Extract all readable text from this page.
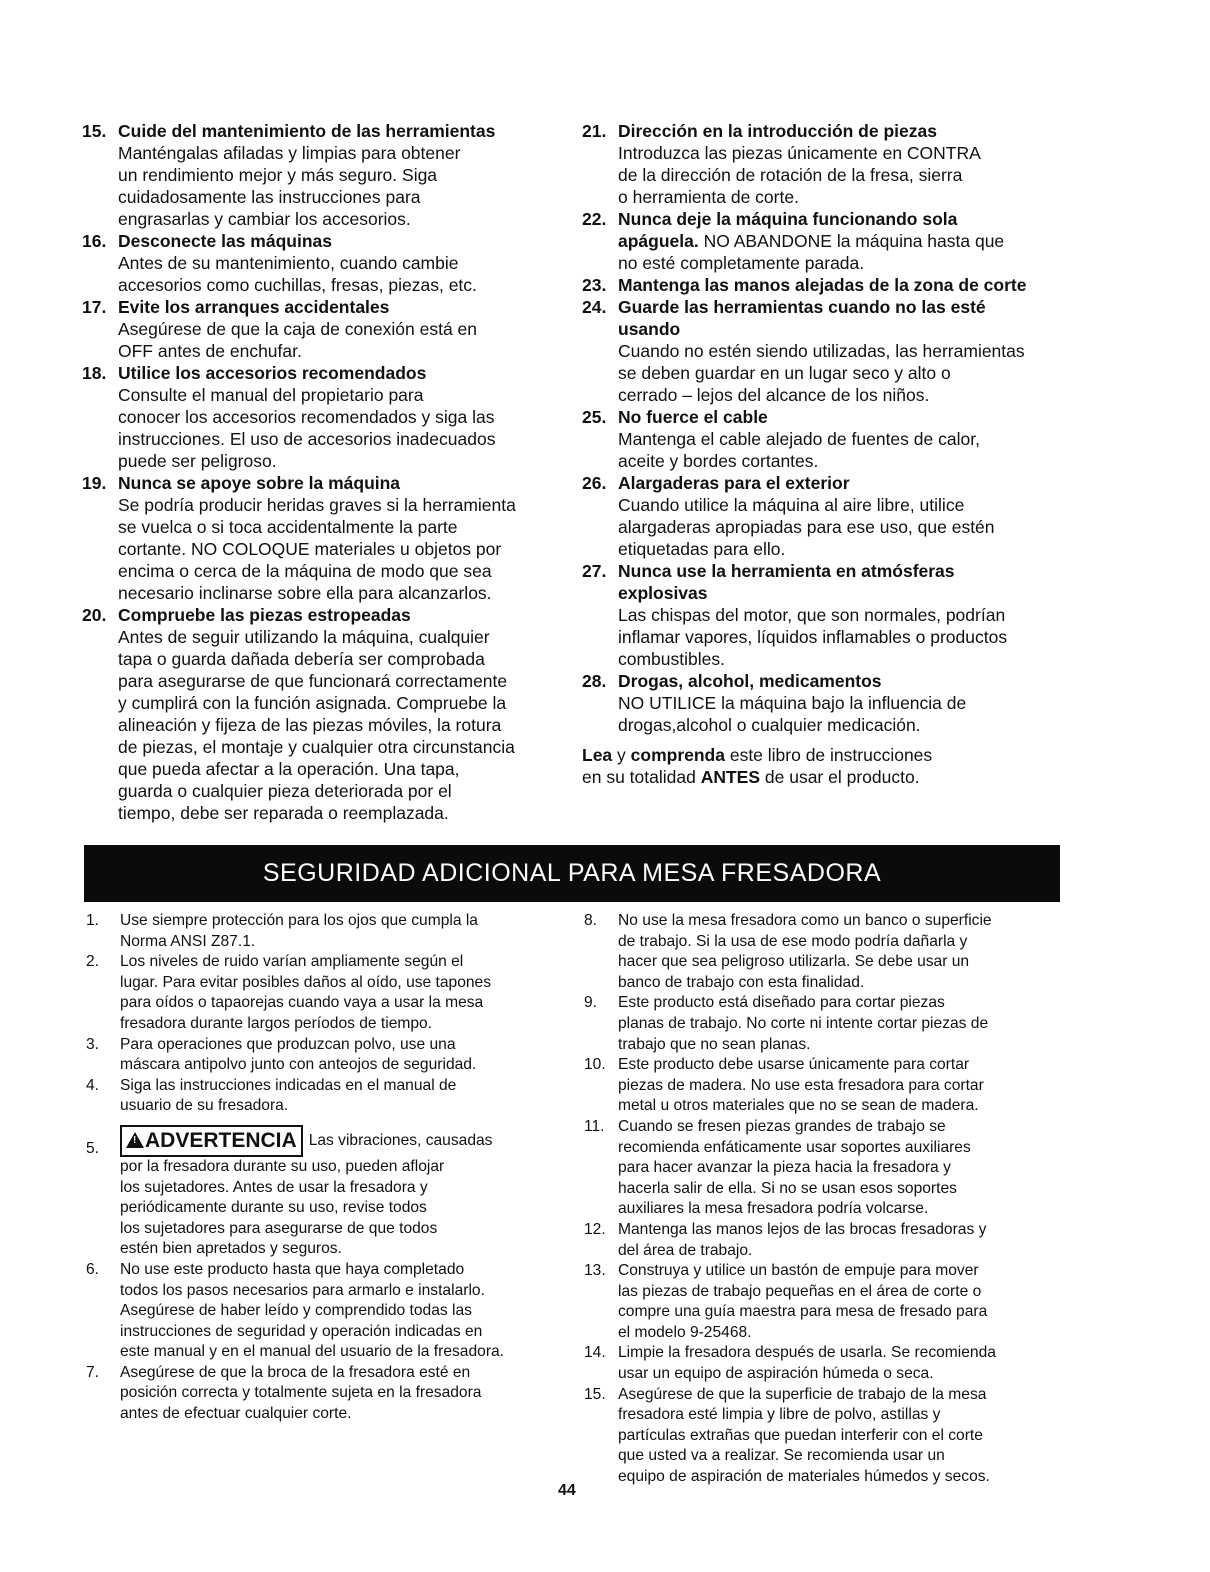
15. Cuide del mantenimiento de las herramientas

Manténgalas afiladas y limpias para obtener

un rendimiento mejor y más seguro. Siga

cuidadosamente las instrucciones para

engrasarlas y cambiar los accesorios.

16. Desconecte las máquinas

Antes de su mantenimiento, cuando cambie

accesorios como cuchillas, fresas, piezas, etc.

17. Evite los arranques accidentales

Asegúrese de que la caja de conexión está en

OFF antes de enchufar.

18. Utilice los accesorios recomendados

Consulte el manual del propietario para

conocer los accesorios recomendados y siga las

instrucciones. El uso de accesorios inadecuados

puede ser peligroso.

19. Nunca se apoye sobre la máquina

Se podría producir heridas graves si la herramienta

se vuelca o si toca accidentalmente la parte

cortante. NO COLOQUE materiales u objetos por

encima o cerca de la máquina de modo que sea

necesario inclinarse sobre ella para alcanzarlos.

20. Compruebe las piezas estropeadas

Antes de seguir utilizando la máquina, cualquier

tapa o guarda dañada debería ser comprobada

para asegurarse de que funcionará correctamente

y cumplirá con la función asignada. Compruebe la

alineación y fijeza de las piezas móviles, la rotura

de piezas, el montaje y cualquier otra circunstancia

que pueda afectar a la operación. Una tapa,

guarda o cualquier pieza deteriorada por el

tiempo, debe ser reparada o reemplazada.

21. Dirección en la introducción de piezas

Introduzca las piezas únicamente en CONTRA

de la dirección de rotación de la fresa, sierra

o herramienta de corte.

22. Nunca deje la máquina funcionando sola

apáguela. NO ABANDONE la máquina hasta que

no esté completamente parada.

23. Mantenga las manos alejadas de la zona de corte

24. Guarde las herramientas cuando no las esté

usando

Cuando no estén siendo utilizadas, las herramientas

se deben guardar en un lugar seco y alto o

cerrado – lejos del alcance de los niños.

25. No fuerce el cable

Mantenga el cable alejado de fuentes de calor,

aceite y bordes cortantes.

26. Alargaderas para el exterior

Cuando utilice la máquina al aire libre, utilice

alargaderas apropiadas para ese uso, que estén

etiquetadas para ello.

27. Nunca use la herramienta en atmósferas

explosivas

Las chispas del motor, que son normales, podrían

inflamar vapores, líquidos inflamables o productos

combustibles.

28. Drogas, alcohol, medicamentos

NO UTILICE la máquina bajo la influencia de

drogas,alcohol o cualquier medicación.

Lea y comprenda este libro de instrucciones
en su totalidad ANTES de usar el producto.
SEGURIDAD ADICIONAL PARA MESA FRESADORA
1. Use siempre protección para los ojos que cumpla la
Norma ANSI Z87.1.
2. Los niveles de ruido varían ampliamente según el
lugar. Para evitar posibles daños al oído, use tapones
para oídos o tapaorejas cuando vaya a usar la mesa
fresadora durante largos períodos de tiempo.
3. Para operaciones que produzcan polvo, use una
máscara antipolvo junto con anteojos de seguridad.
4. Siga las instrucciones indicadas en el manual de
usuario de su fresadora.
5.	! ADVERTENCIA Las vibraciones, causadas
por la fresadora durante su uso, pueden aflojar
los sujetadores. Antes de usar la fresadora y
periódicamente durante su uso, revise todos
los sujetadores para asegurarse de que todos
estén bien apretados y seguros.
6. No use este producto hasta que haya completado
todos los pasos necesarios para armarlo e instalarlo.
Asegúrese de haber leído y comprendido todas las
instrucciones de seguridad y operación indicadas en
este manual y en el manual del usuario de la fresadora.
7. Asegúrese de que la broca de la fresadora esté en
posición correcta y totalmente sujeta en la fresadora
antes de efectuar cualquier corte.
8. No use la mesa fresadora como un banco o superficie
de trabajo. Si la usa de ese modo podría dañarla y
hacer que sea peligroso utilizarla. Se debe usar un
banco de trabajo con esta finalidad.
9. Este producto está diseñado para cortar piezas
planas de trabajo. No corte ni intente cortar piezas de
trabajo que no sean planas.
10. Este producto debe usarse únicamente para cortar
piezas de madera. No use esta fresadora para cortar
metal u otros materiales que no se sean de madera.
11. Cuando se fresen piezas grandes de trabajo se
recomienda enfáticamente usar soportes auxiliares
para hacer avanzar la pieza hacia la fresadora y
hacerla salir de ella. Si no se usan esos soportes
auxiliares la mesa fresadora podría volcarse.
12. Mantenga las manos lejos de las brocas fresadoras y
del área de trabajo.
13. Construya y utilice un bastón de empuje para mover
las piezas de trabajo pequeñas en el área de corte o
compre una guía maestra para mesa de fresado para
el modelo 9-25468.
14. Limpie la fresadora después de usarla. Se recomienda
usar un equipo de aspiración húmeda o seca.
15. Asegúrese de que la superficie de trabajo de la mesa
fresadora esté limpia y libre de polvo, astillas y
partículas extrañas que puedan interferir con el corte
que usted va a realizar. Se recomienda usar un
equipo de aspiración de materiales húmedos y secos.
44
